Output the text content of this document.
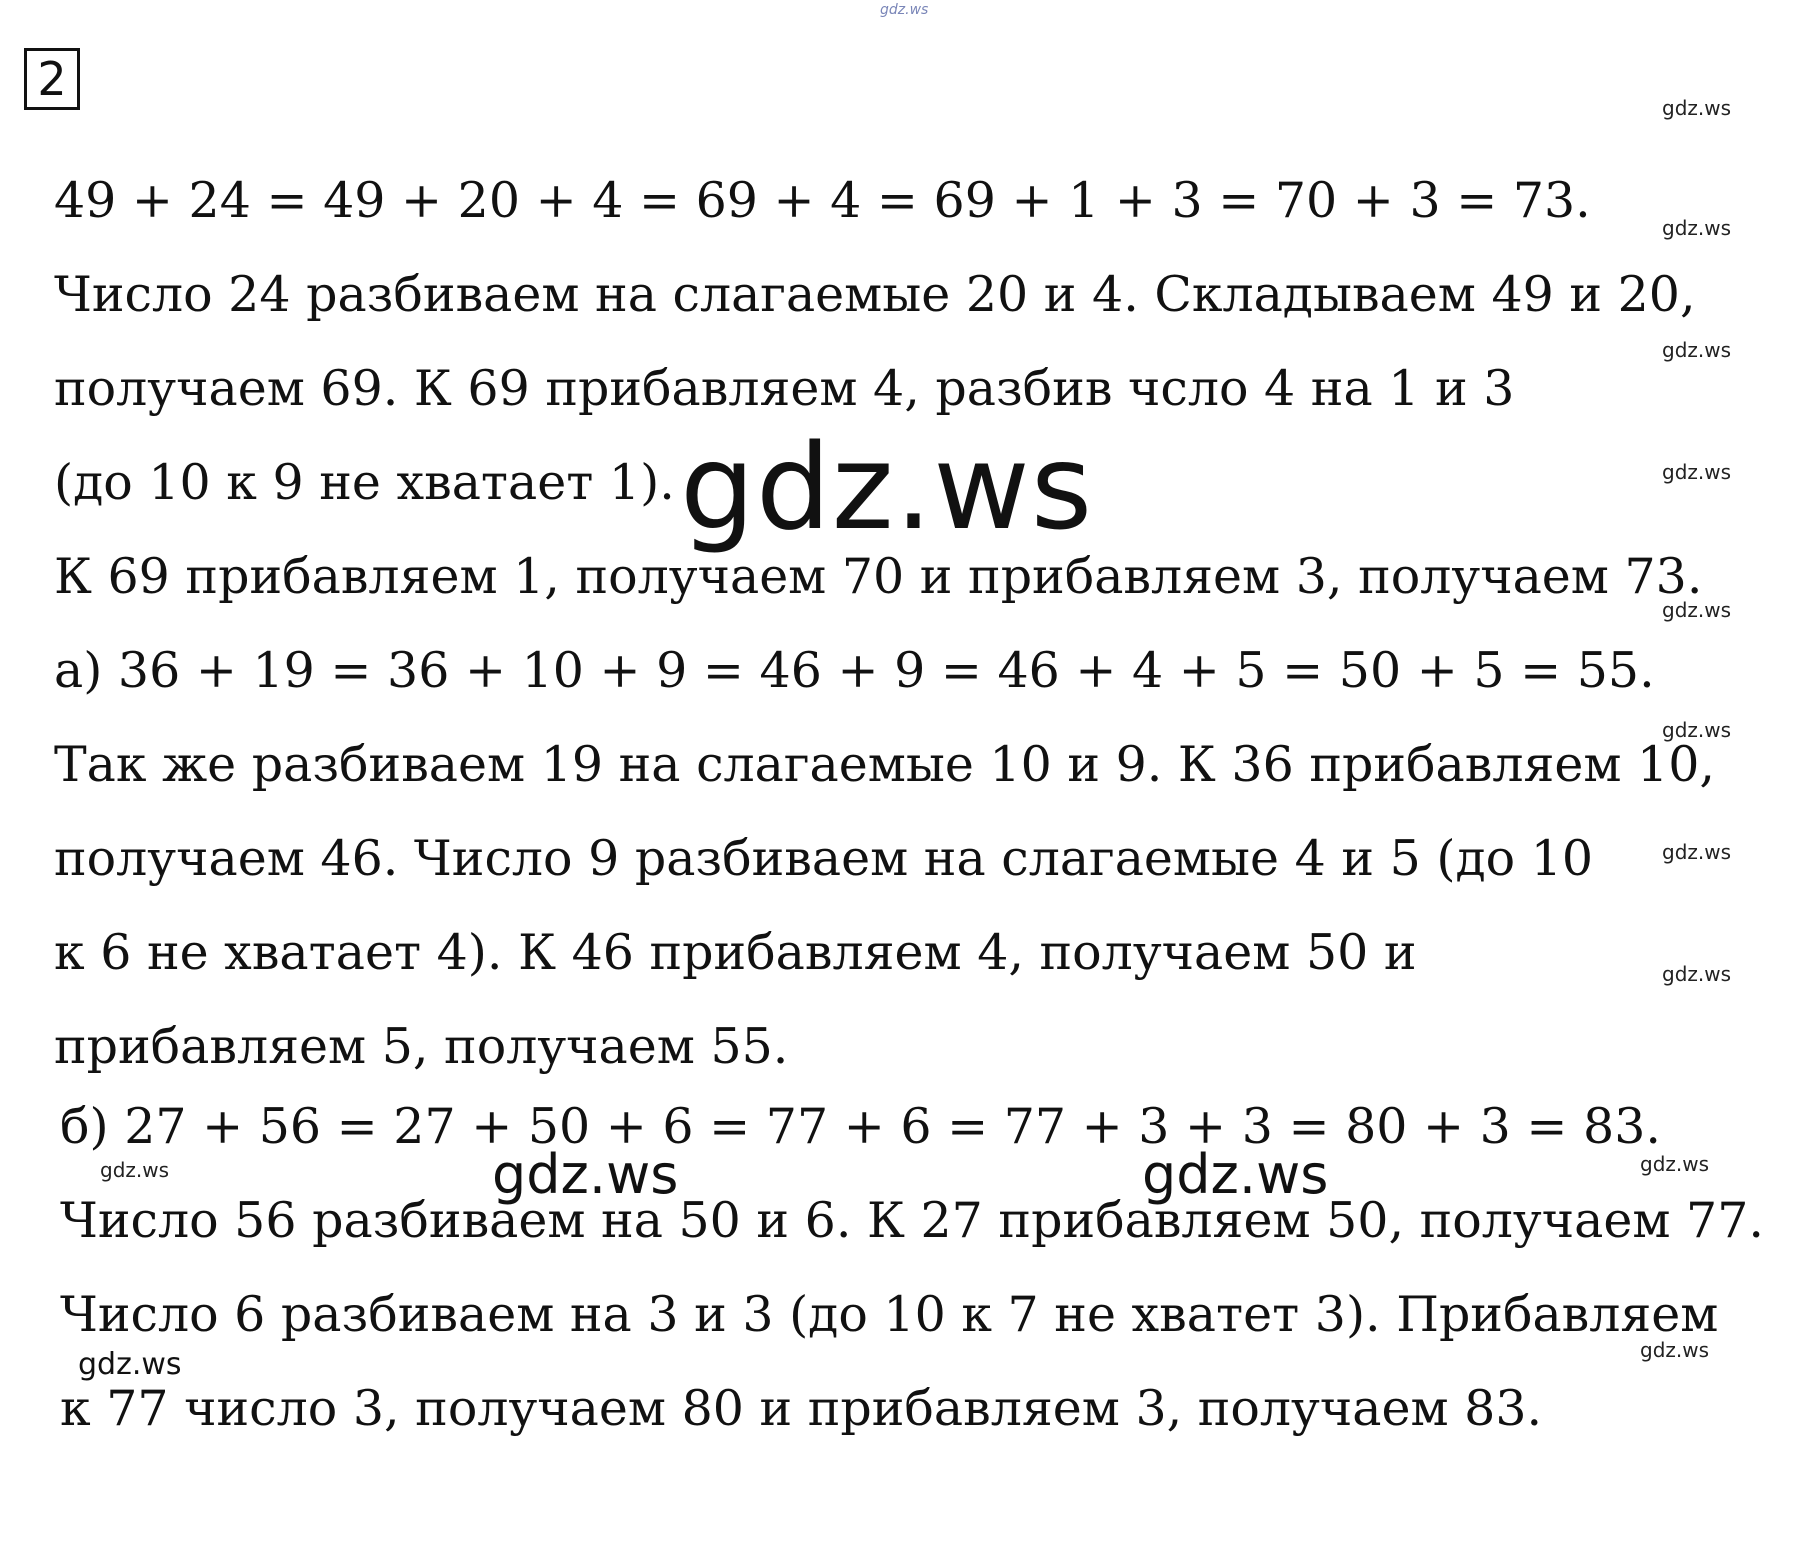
gdz.ws
2
49 + 24 = 49 + 20 + 4 = 69 + 4 = 69 + 1 + 3 = 70 + 3 = 73.
Число 24 разбиваем на слагаемые 20 и 4. Складываем 49 и 20,
получаем 69. К 69 прибавляем 4, разбив чсло 4 на 1 и 3
(до 10 к 9 не хватает 1).
К 69 прибавляем 1, получаем 70 и прибавляем 3, получаем 73.
а) 36 + 19 = 36 + 10 + 9 = 46 + 9 = 46 + 4 + 5 = 50 + 5 = 55.
Так же разбиваем 19 на слагаемые 10 и 9. К 36 прибавляем 10,
получаем 46. Число 9 разбиваем на слагаемые 4 и 5 (до 10
к 6 не хватает 4). К 46 прибавляем 4, получаем 50 и
прибавляем 5, получаем 55.
б) 27 + 56 = 27 + 50 + 6 = 77 + 6 = 77 + 3 + 3 = 80 + 3 = 83.
Число 56 разбиваем на 50 и 6. К 27 прибавляем 50, получаем 77.
Число 6 разбиваем на 3 и 3 (до 10 к 7 не хватет 3). Прибавляем
к 77 число 3, получаем 80 и прибавляем 3, получаем 83.
gdz.ws
gdz.ws	gdz.ws
gdz.ws
gdz.ws
gdz.ws
gdz.ws
gdz.ws
gdz.ws
gdz.ws
gdz.ws
gdz.ws
gdz.ws
gdz.ws
gdz.ws
